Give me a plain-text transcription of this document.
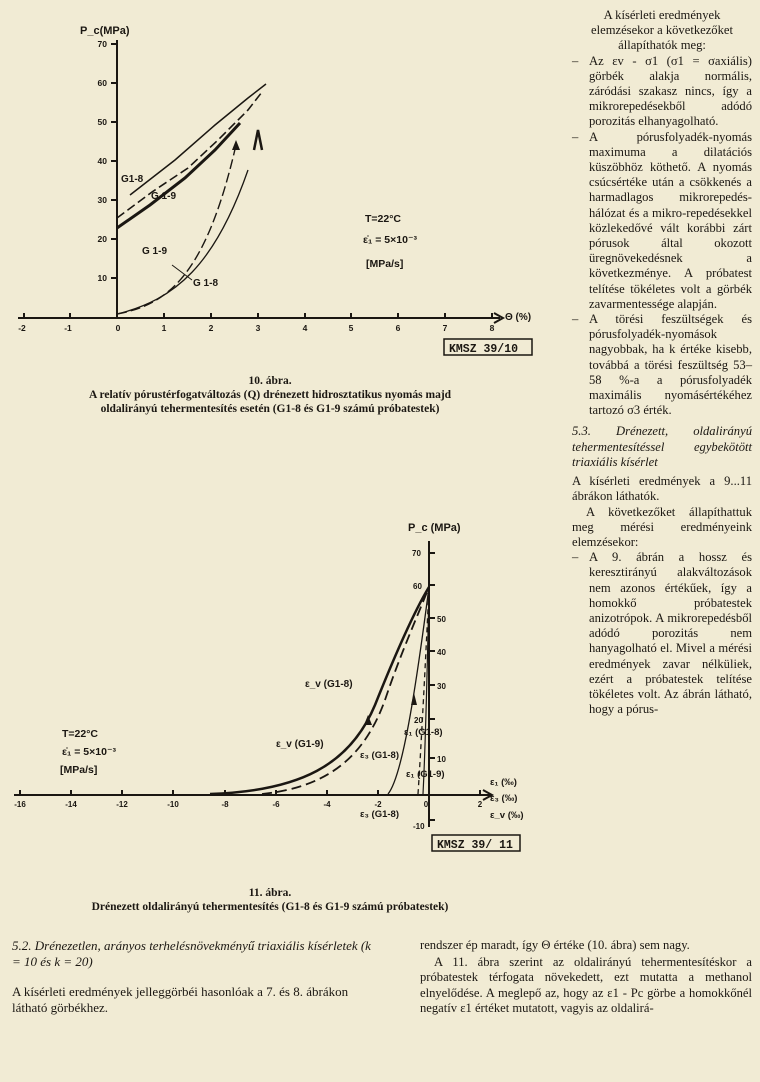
P_c(MPa)
70
60
50
40
30
20
10
-2	-1	0	1	2	3	4	5	6	7	8
Θ (%)
G1-8
G 1-9
G 1-9
G 1-8
T=22°C
ε̇₁ = 5×10⁻³
[MPa/s]
KMSZ 39/10
10. ábra.
A relatív pórustérfogatváltozás (Q) drénezett hidrosztatikus nyomás majd
oldalirányú tehermentesítés esetén (G1-8 és G1-9 számú próbatestek)
P_c (MPa)
70
60
50
40
30
20
10
-10
-16	-14	-12	-10	-8	-6	-4	-2	0	2
ε_v (G1-8)
ε_v (G1-9)
ε₃ (G1-8)
ε₁ (G1-8)
ε₁ (G1-9)
ε₃ (G1-8)
ε₁ (‰)
ε₃ (‰)
ε_v (‰)
T=22°C
ε̇₁ = 5×10⁻³
[MPa/s]
KMSZ 39/ 11
11. ábra.
Drénezett oldalirányú tehermentesítés (G1-8 és G1-9 számú próbatestek)

A kísérleti eredmények elemzésekor a következőket állapíthatók meg:

– Az εv - σ1 (σ1 = σaxiális) görbék alakja normális, záródási szakasz nincs, így a mikrorepedésekből adódó porozitás elhanyagolható.

– A pórusfolyadék-nyomás maximuma a dilatációs küszöbhöz köthető. A nyomás csúcsértéke után a csökkenés a harmadlagos mikrorepedés-hálózat és a mikro-repedésekkel közlekedővé vált korábbi zárt pórusok által okozott üregnövekedésnek a következménye. A próbatest telítése tökéletes volt a görbék zavarmentessége alapján.

– A törési feszültségek és pórusfolyadék-nyomások nagyobbak, ha k értéke kisebb, továbbá a törési feszültség 53–58 %-a a pórusfolyadék maximális nyomásértékéhez tartozó σ3 érték.

5.3. Drénezett, oldalirányú tehermentesítéssel egybekötött triaxiális kísérlet

A kísérleti eredmények a 9...11 ábrákon láthatók.

A következőket állapíthattuk meg mérési eredményeink elemzésekor:

– A 9. ábrán a hossz és keresztirányú alakváltozások nem azonos értékűek, így a homokkő próbatestek anizotrópok. A mikrorepedésből adódó porozitás nem hanyagolható el. Mivel a mérési eredmények zavar nélküliek, ezért a próbatestek telítése tökéletes volt. Az ábrán látható, hogy a pórus-

rendszer ép maradt, így Θ értéke (10. ábra) sem nagy.

A 11. ábra szerint az oldalirányú tehermentesítéskor a próbatestek térfogata növekedett, ezt mutatta a methanol elnyelődése. A meglepő az, hogy az ε1 - Pc görbe a homokkőnél negatív ε1 értéket mutatott, vagyis az oldalirá-

5.2. Drénezetlen, arányos terhelésnövekményű triaxiális kísérletek (k = 10 és k = 20)

A kísérleti eredmények jelleggörbéi hasonlóak a 7. és 8. ábrákon látható görbékhez.
